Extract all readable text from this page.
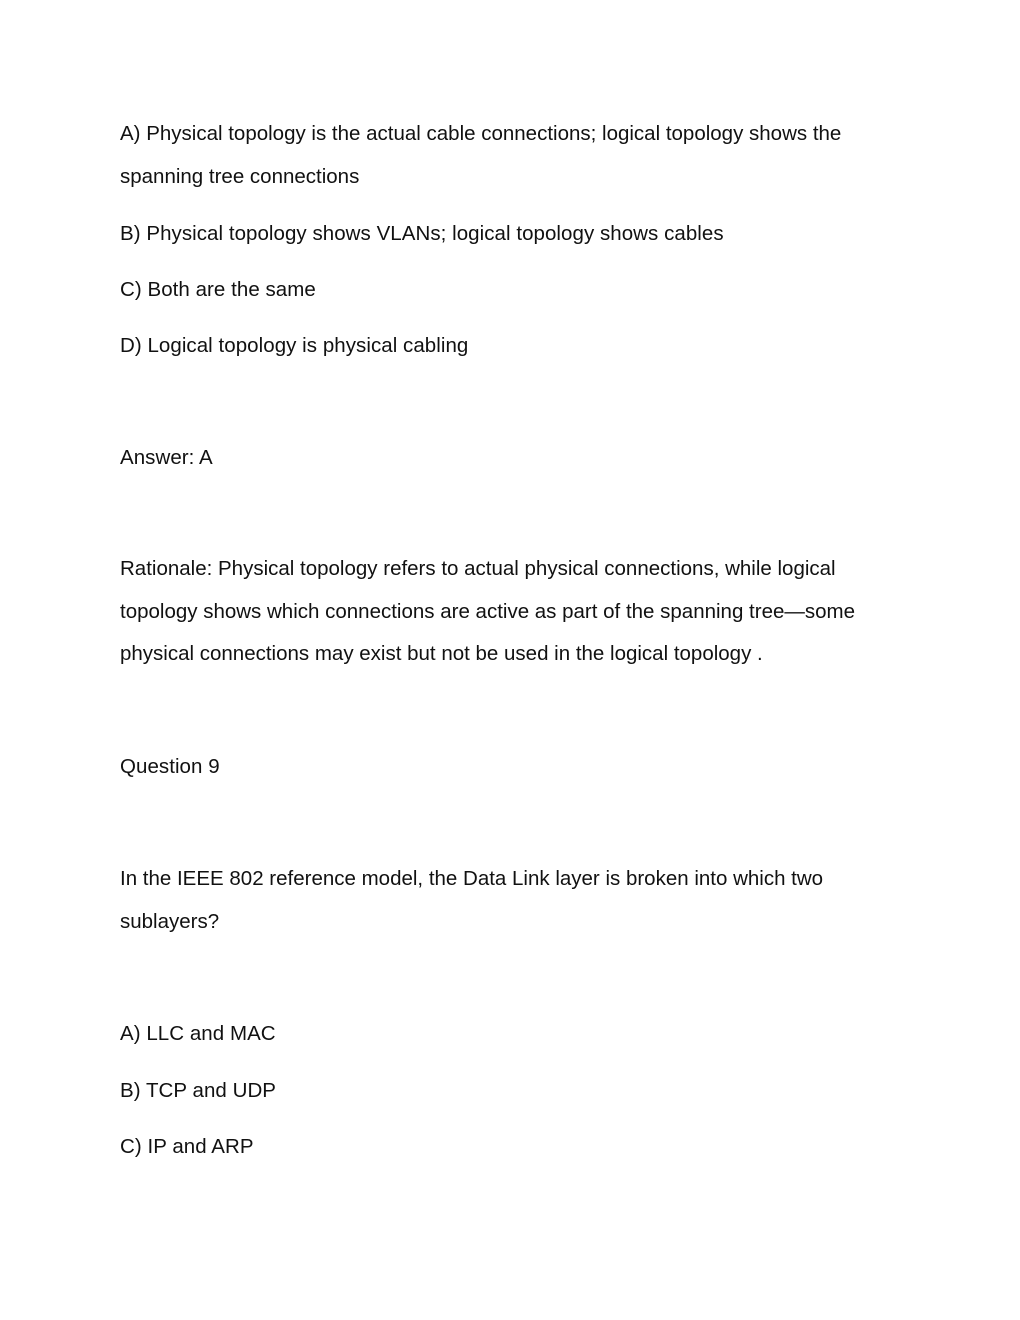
A) Physical topology is the actual cable connections; logical topology shows the
spanning tree connections
B) Physical topology shows VLANs; logical topology shows cables
C) Both are the same
D) Logical topology is physical cabling
Answer: A
Rationale: Physical topology refers to actual physical connections, while logical
topology shows which connections are active as part of the spanning tree—some
physical connections may exist but not be used in the logical topology .
Question 9
In the IEEE 802 reference model, the Data Link layer is broken into which two
sublayers?
A) LLC and MAC
B) TCP and UDP
C) IP and ARP
